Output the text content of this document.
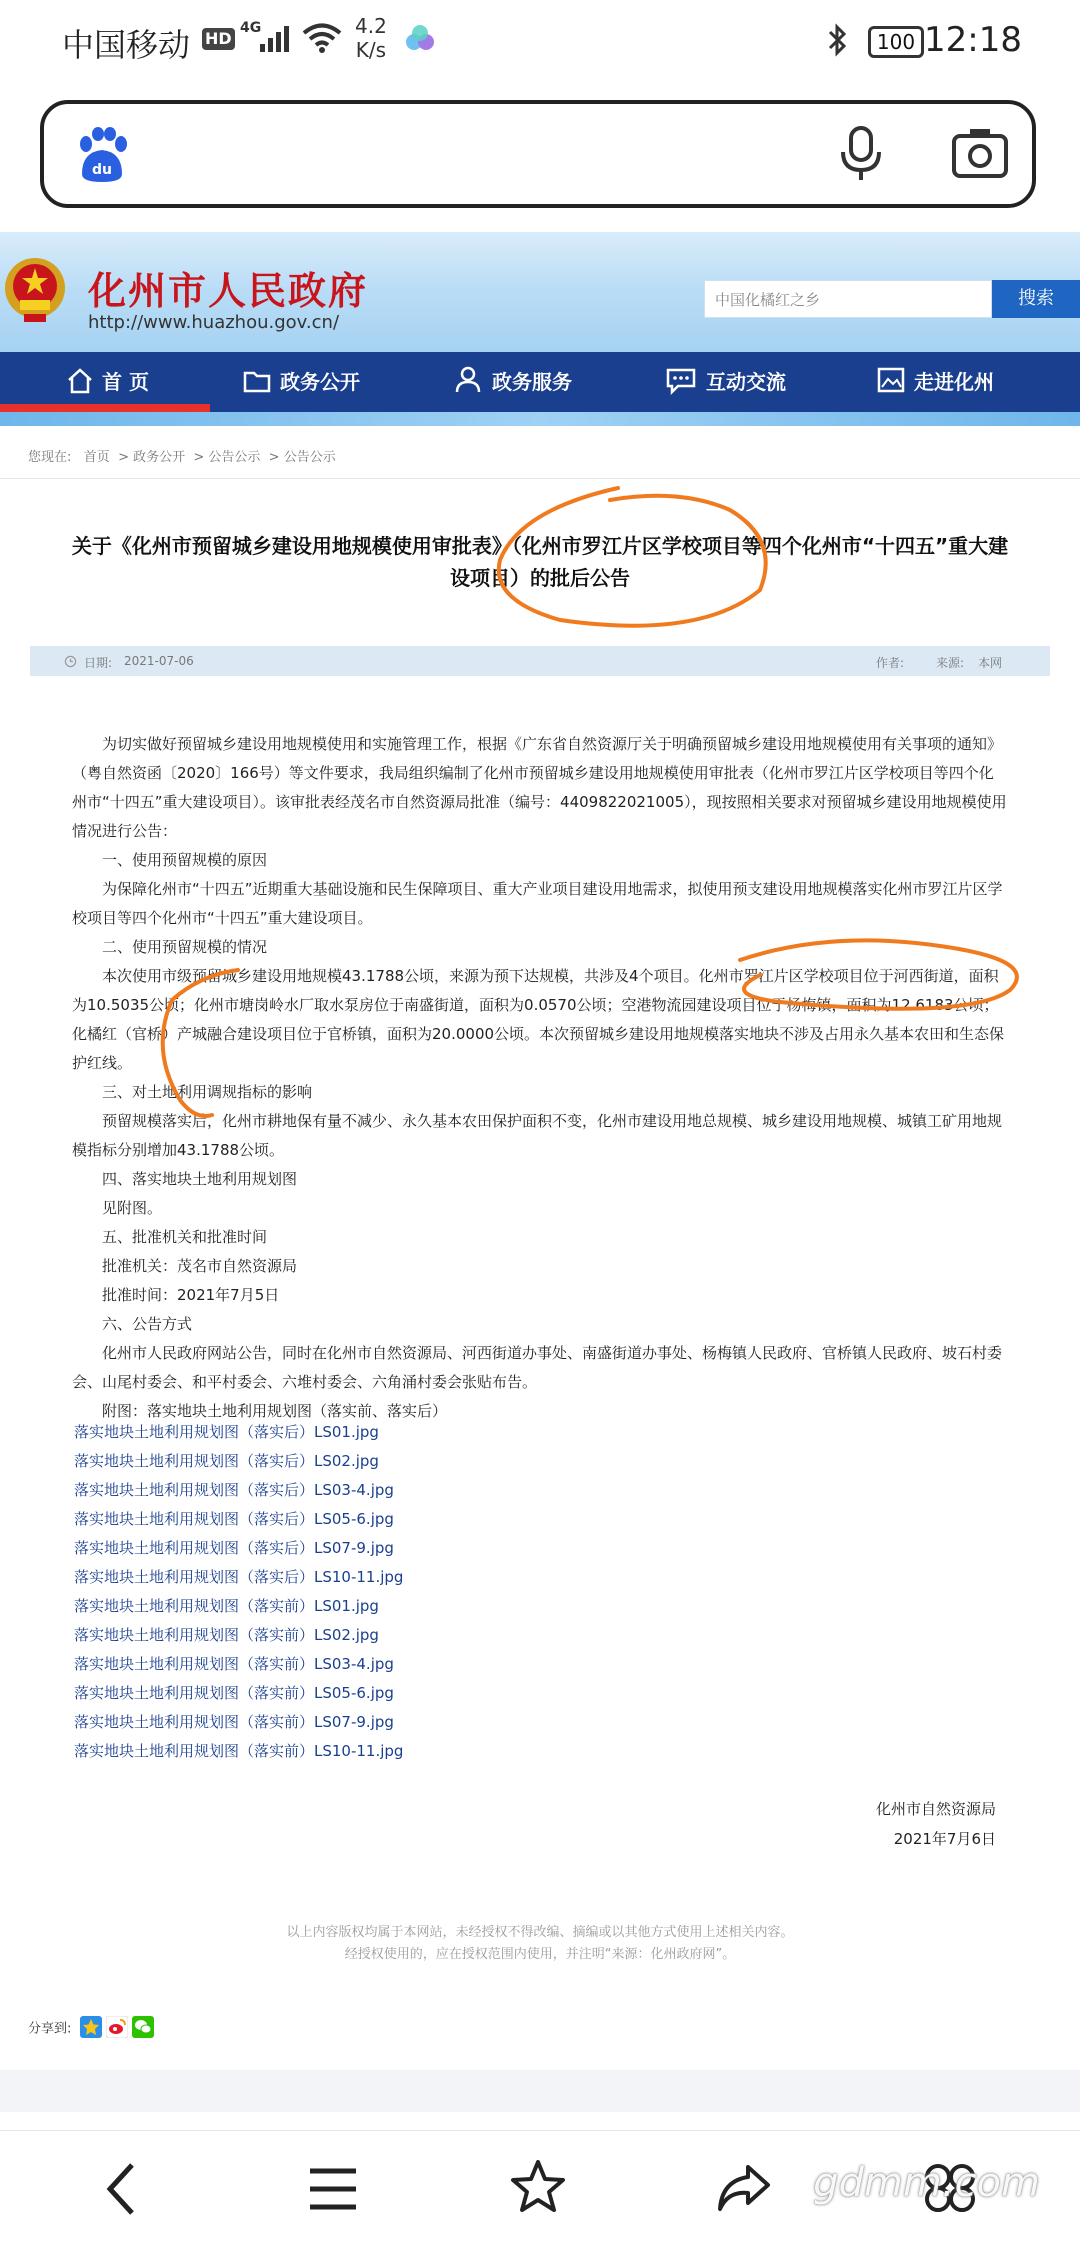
中国移动 HD
4G	4.2
K/s	100 12:18
du
化州市人民政府
http://www.huazhou.gov.cn/
中国化橘红之乡	搜索
首 页	政务公开	政务服务	互动交流	走进化州
您现在: 首页 > 政务公开 > 公告公示 > 公告公示
关于《化州市预留城乡建设用地规模使用审批表》（化州市罗江片区学校项目等四个化州市“十四五”重大建
设项目）的批后公告
日期: 2021-07-06	作者:	来源: 本网

为切实做好预留城乡建设用地规模使用和实施管理工作，根据《广东省自然资源厅关于明确预留城乡建设用地规模使用有关事项的通知》（粤自然资函〔2020〕166号）等文件要求，我局组织编制了化州市预留城乡建设用地规模使用审批表（化州市罗江片区学校项目等四个化州市“十四五”重大建设项目）。该审批表经茂名市自然资源局批准（编号：4409822021005），现按照相关要求对预留城乡建设用地规模使用情况进行公告：

一、使用预留规模的原因

为保障化州市“十四五”近期重大基础设施和民生保障项目、重大产业项目建设用地需求，拟使用预支建设用地规模落实化州市罗江片区学校项目等四个化州市“十四五”重大建设项目。

二、使用预留规模的情况

本次使用市级预留城乡建设用地规模43.1788公顷，来源为预下达规模，共涉及4个项目。化州市罗江片区学校项目位于河西街道，面积为10.5035公顷；化州市塘岗岭水厂取水泵房位于南盛街道，面积为0.0570公顷；空港物流园建设项目位于杨梅镇，面积为12.6183公顷；化橘红（官桥）产城融合建设项目位于官桥镇，面积为20.0000公顷。本次预留城乡建设用地规模落实地块不涉及占用永久基本农田和生态保护红线。

三、对土地利用调规指标的影响

预留规模落实后，化州市耕地保有量不减少、永久基本农田保护面积不变，化州市建设用地总规模、城乡建设用地规模、城镇工矿用地规模指标分别增加43.1788公顷。

四、落实地块土地利用规划图

见附图。

五、批准机关和批准时间

批准机关：茂名市自然资源局

批准时间：2021年7月5日

六、公告方式

化州市人民政府网站公告，同时在化州市自然资源局、河西街道办事处、南盛街道办事处、杨梅镇人民政府、官桥镇人民政府、坡石村委会、山尾村委会、和平村委会、六堆村委会、六角涌村委会张贴布告。

附图：落实地块土地利用规划图（落实前、落实后）

落实地块土地利用规划图（落实后）LS01.jpg
落实地块土地利用规划图（落实后）LS02.jpg
落实地块土地利用规划图（落实后）LS03-4.jpg
落实地块土地利用规划图（落实后）LS05-6.jpg
落实地块土地利用规划图（落实后）LS07-9.jpg
落实地块土地利用规划图（落实后）LS10-11.jpg
落实地块土地利用规划图（落实前）LS01.jpg
落实地块土地利用规划图（落实前）LS02.jpg
落实地块土地利用规划图（落实前）LS03-4.jpg
落实地块土地利用规划图（落实前）LS05-6.jpg
落实地块土地利用规划图（落实前）LS07-9.jpg
落实地块土地利用规划图（落实前）LS10-11.jpg
化州市自然资源局
2021年7月6日
以上内容版权均属于本网站，未经授权不得改编、摘编或以其他方式使用上述相关内容。
经授权使用的，应在授权范围内使用，并注明“来源：化州政府网”。
分享到:
gdmm.com
